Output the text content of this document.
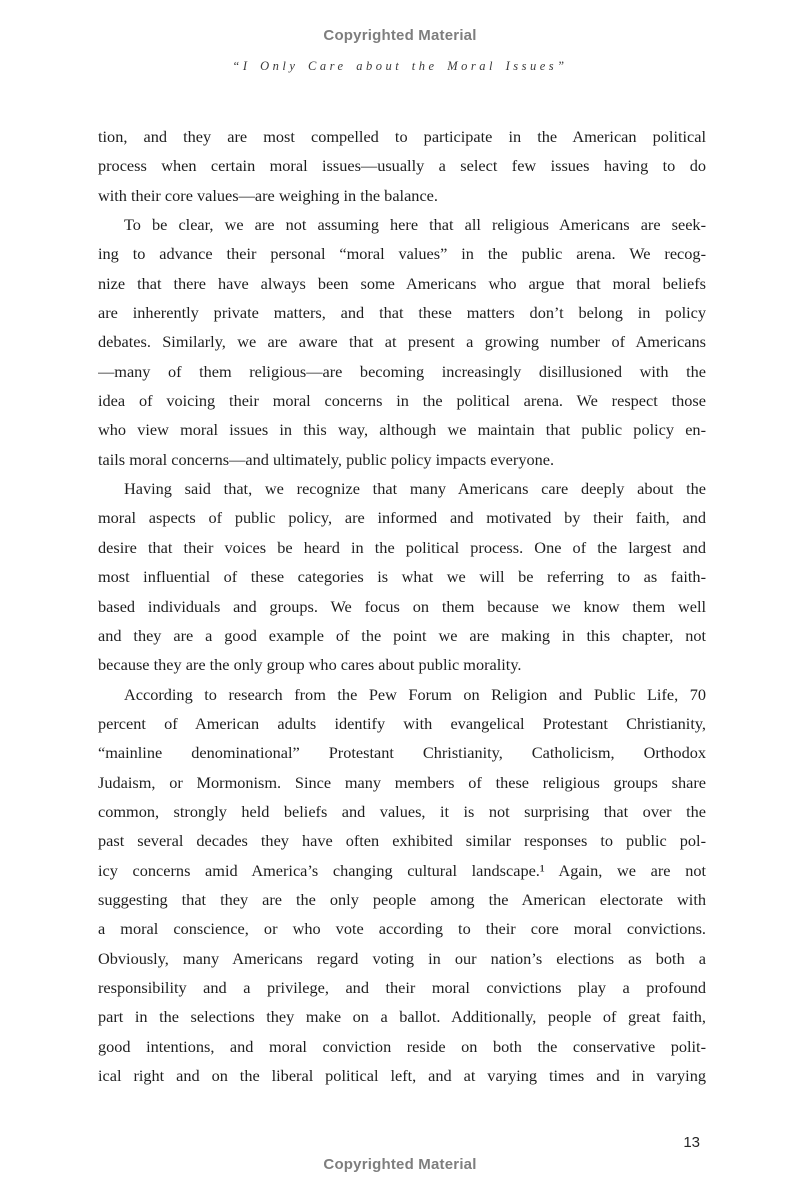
Copyrighted Material
“I Only Care about the Moral Issues”
tion, and they are most compelled to participate in the American political
process when certain moral issues—usually a select few issues having to do
with their core values—are weighing in the balance.
To be clear, we are not assuming here that all religious Americans are seek-
ing to advance their personal “moral values” in the public arena. We recog-
nize that there have always been some Americans who argue that moral beliefs
are inherently private matters, and that these matters don’t belong in policy
debates. Similarly, we are aware that at present a growing number of Americans
—many of them religious—are becoming increasingly disillusioned with the
idea of voicing their moral concerns in the political arena. We respect those
who view moral issues in this way, although we maintain that public policy en-
tails moral concerns—and ultimately, public policy impacts everyone.
Having said that, we recognize that many Americans care deeply about the
moral aspects of public policy, are informed and motivated by their faith, and
desire that their voices be heard in the political process. One of the largest and
most influential of these categories is what we will be referring to as faith-
based individuals and groups. We focus on them because we know them well
and they are a good example of the point we are making in this chapter, not
because they are the only group who cares about public morality.
According to research from the Pew Forum on Religion and Public Life, 70
percent of American adults identify with evangelical Protestant Christianity,
“mainline denominational” Protestant Christianity, Catholicism, Orthodox
Judaism, or Mormonism. Since many members of these religious groups share
common, strongly held beliefs and values, it is not surprising that over the
past several decades they have often exhibited similar responses to public pol-
icy concerns amid America’s changing cultural landscape.¹ Again, we are not
suggesting that they are the only people among the American electorate with
a moral conscience, or who vote according to their core moral convictions.
Obviously, many Americans regard voting in our nation’s elections as both a
responsibility and a privilege, and their moral convictions play a profound
part in the selections they make on a ballot. Additionally, people of great faith,
good intentions, and moral conviction reside on both the conservative polit-
ical right and on the liberal political left, and at varying times and in varying
13
Copyrighted Material
